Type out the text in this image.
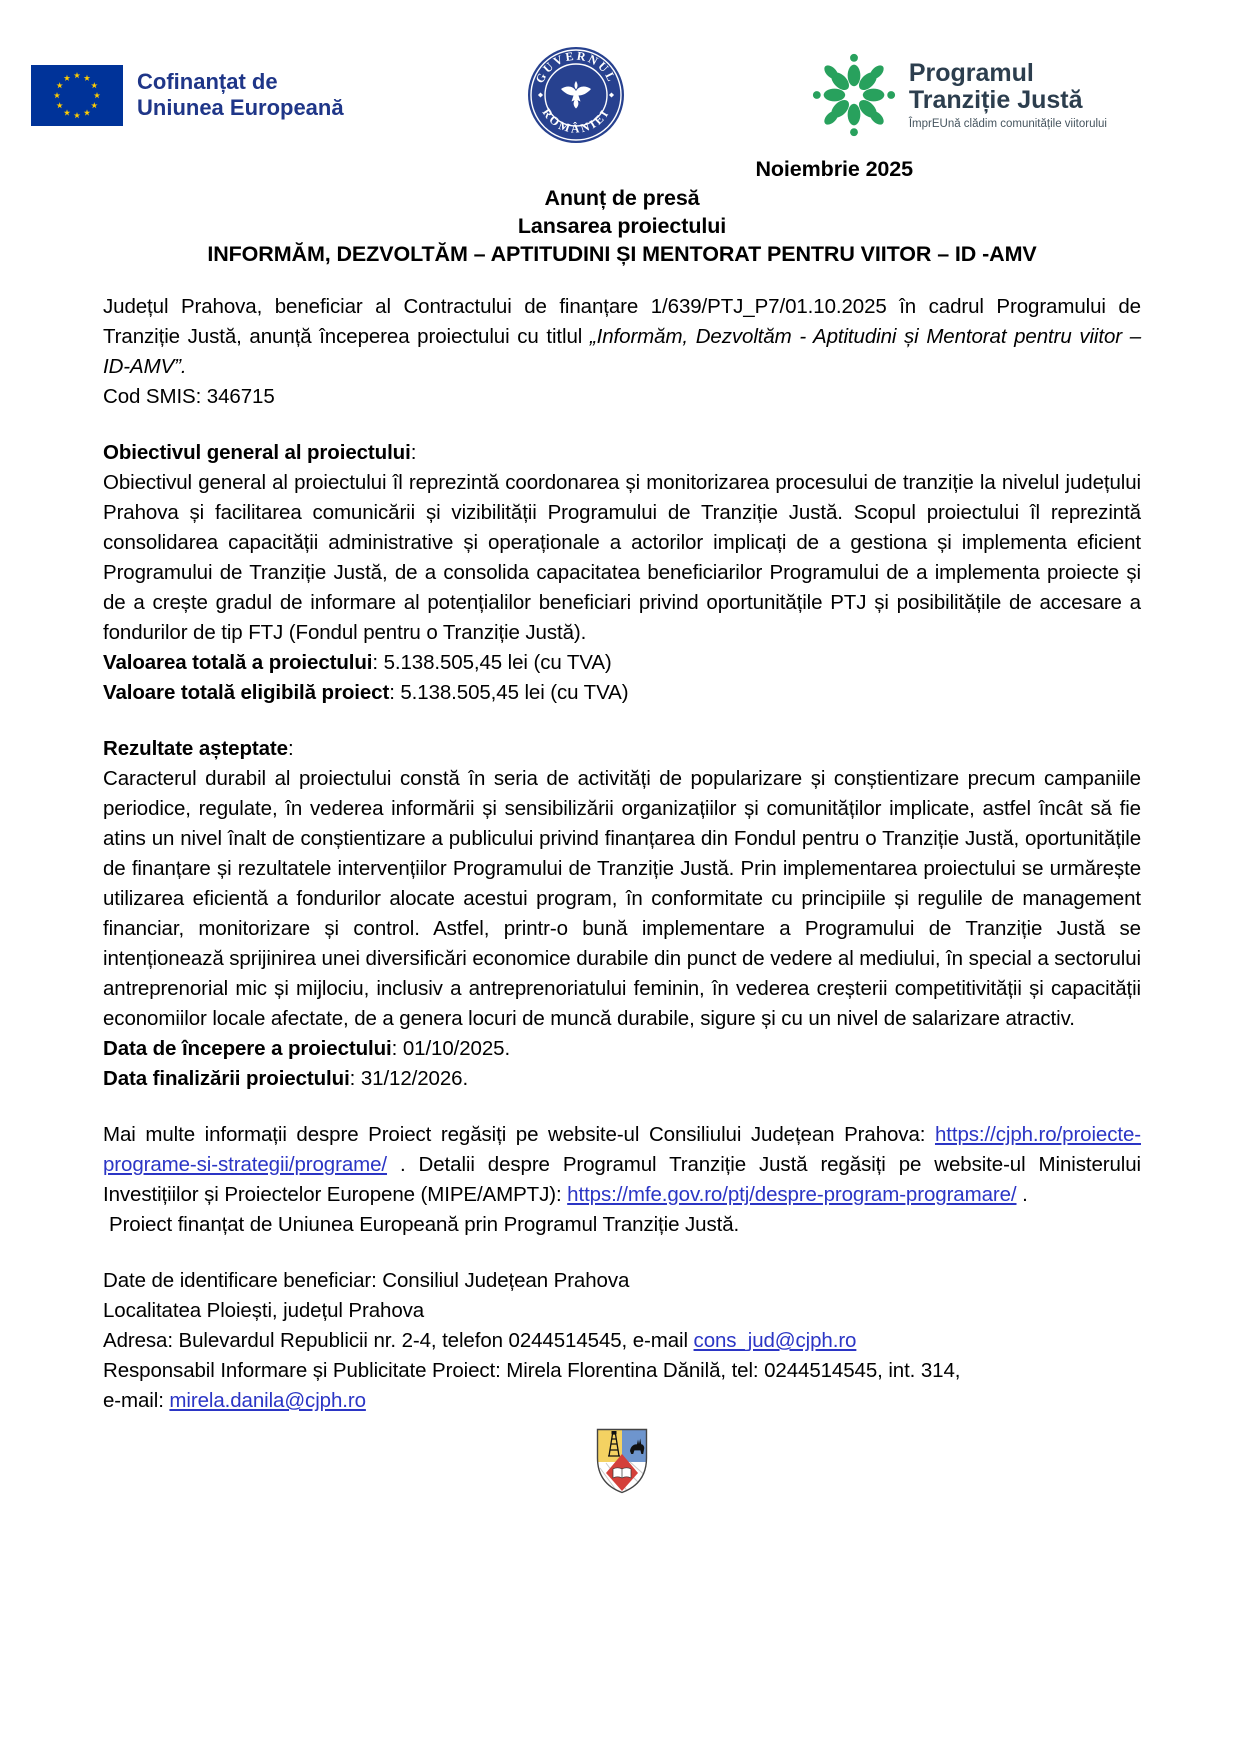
Cofinanțat de
Uniunea Europeană
GUVERNUL
ROMÂNIEI
Programul
Tranziție Justă
ÎmprEUnă clădim comunitățile viitorului

Noiembrie 2025

Anunț de presă

Lansarea proiectului

INFORMĂM, DEZVOLTĂM – APTITUDINI ȘI MENTORAT PENTRU VIITOR – ID -AMV

Județul Prahova, beneficiar al Contractului de finanțare 1/639/PTJ_P7/01.10.2025 în cadrul Programului de Tranziție Justă, anunță începerea proiectului cu titlul „Informăm, Dezvoltăm - Aptitudini și Mentorat pentru viitor – ID-AMV”.

Cod SMIS: 346715

Obiectivul general al proiectului:

Obiectivul general al proiectului îl reprezintă coordonarea și monitorizarea procesului de tranziție la nivelul județului Prahova și facilitarea comunicării și vizibilității Programului de Tranziție Justă. Scopul proiectului îl reprezintă consolidarea capacității administrative și operaționale a actorilor implicați de a gestiona și implementa eficient Programului de Tranziție Justă, de a consolida capacitatea beneficiarilor Programului de a implementa proiecte și de a crește gradul de informare al potențialilor beneficiari privind oportunitățile PTJ și posibilitățile de accesare a fondurilor de tip FTJ (Fondul pentru o Tranziție Justă).

Valoarea totală a proiectului: 5.138.505,45 lei (cu TVA)

Valoare totală eligibilă proiect: 5.138.505,45 lei (cu TVA)

Rezultate așteptate:

Caracterul durabil al proiectului constă în seria de activități de popularizare și conștientizare precum campaniile periodice, regulate, în vederea informării și sensibilizării organizațiilor și comunităților implicate, astfel încât să fie atins un nivel înalt de conștientizare a publicului privind finanțarea din Fondul pentru o Tranziție Justă, oportunitățile de finanțare și rezultatele intervențiilor Programului de Tranziție Justă. Prin implementarea proiectului se urmărește utilizarea eficientă a fondurilor alocate acestui program, în conformitate cu principiile și regulile de management financiar, monitorizare și control. Astfel, printr-o bună implementare a Programului de Tranziție Justă se intenționează sprijinirea unei diversificări economice durabile din punct de vedere al mediului, în special a sectorului antreprenorial mic și mijlociu, inclusiv a antreprenoriatului feminin, în vederea creșterii competitivității și capacității economiilor locale afectate, de a genera locuri de muncă durabile, sigure și cu un nivel de salarizare atractiv.

Data de începere a proiectului: 01/10/2025.

Data finalizării proiectului: 31/12/2026.

Mai multe informații despre Proiect regăsiți pe website-ul Consiliului Județean Prahova: https://cjph.ro/proiecte-programe-si-strategii/programe/ . Detalii despre Programul Tranziție Justă regăsiți pe website-ul Ministerului Investițiilor și Proiectelor Europene (MIPE/AMPTJ): https://mfe.gov.ro/ptj/despre-program-programare/ .

Proiect finanțat de Uniunea Europeană prin Programul Tranziție Justă.

Date de identificare beneficiar: Consiliul Județean Prahova

Localitatea Ploiești, județul Prahova

Adresa: Bulevardul Republicii nr. 2-4, telefon 0244514545, e-mail cons_jud@cjph.ro

Responsabil Informare și Publicitate Proiect: Mirela Florentina Dănilă, tel: 0244514545, int. 314,

e-mail: mirela.danila@cjph.ro
